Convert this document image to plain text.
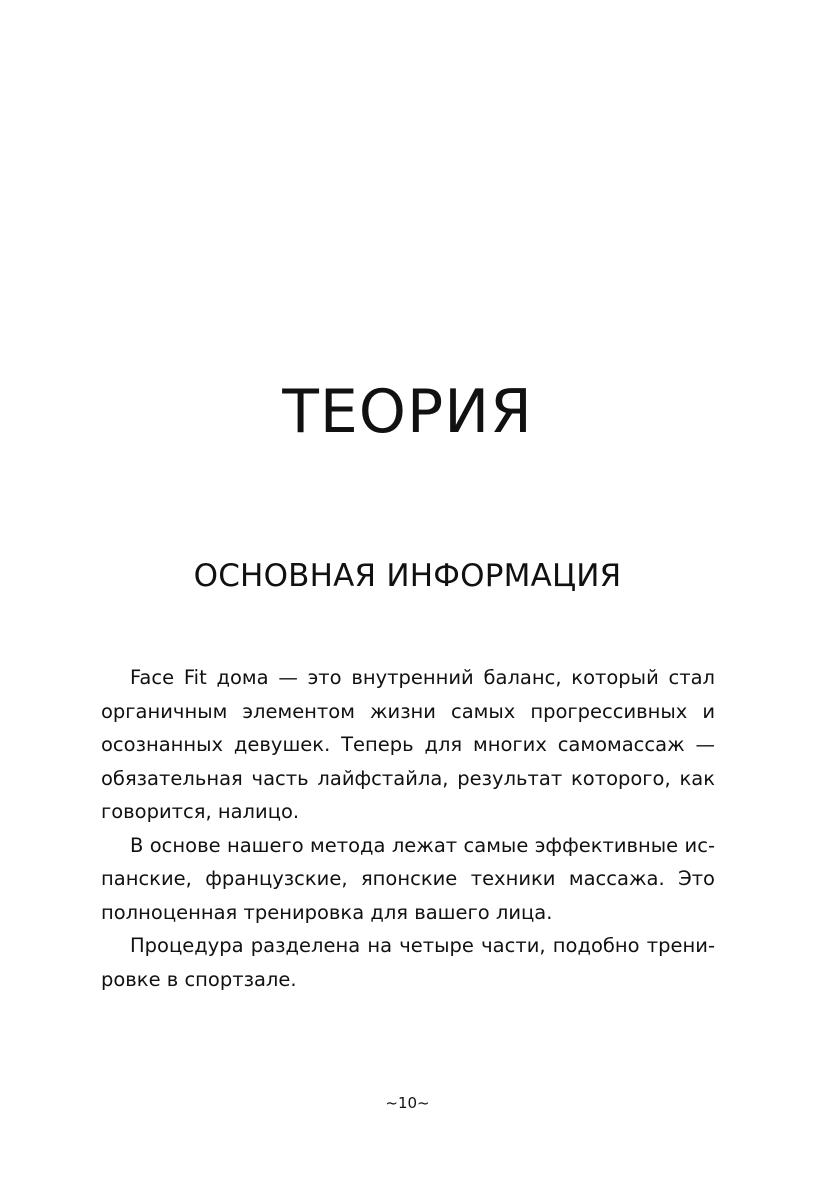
ТЕОРИЯ
ОСНОВНАЯ ИНФОРМАЦИЯ

Face Fit дома — это внутренний баланс, который стал органичным элементом жизни самых прогрессивных и осознанных девушек. Теперь для многих самомассаж — обязательная часть лайфстайла, результат которого, как говорится, налицо.

В основе нашего метода лежат самые эффективные испанские, французские, японские техники массажа. Это полноценная тренировка для вашего лица.

Процедура разделена на четыре части, подобно тренировке в спортзале.

~10~
